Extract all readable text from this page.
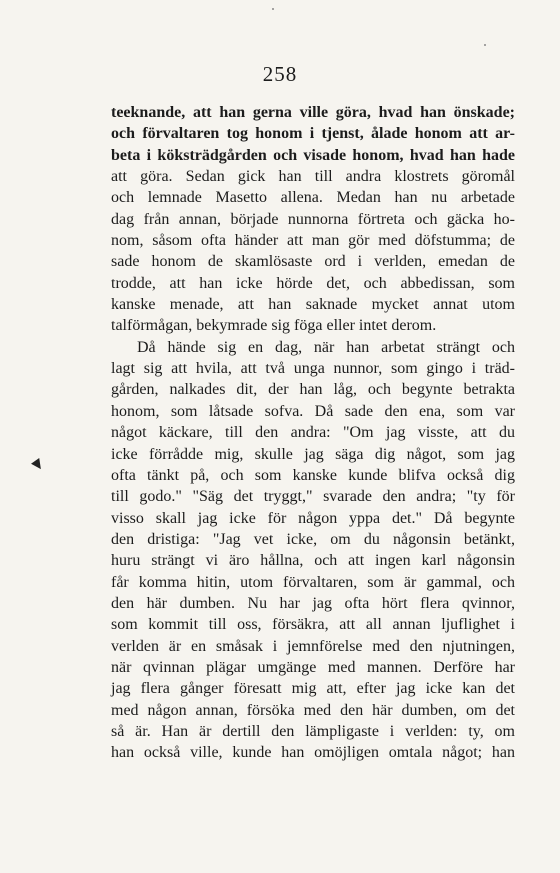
258
teeknande, att han gerna ville göra, hvad han önskade;
och förvaltaren tog honom i tjenst, ålade honom att ar-
beta i köksträdgården och visade honom, hvad han hade
att göra. Sedan gick han till andra klostrets göromål
och lemnade Masetto allena. Medan han nu arbetade
dag från annan, började nunnorna förtreta och gäcka ho-
nom, såsom ofta händer att man gör med döfstumma; de
sade honom de skamlösaste ord i verlden, emedan de
trodde, att han icke hörde det, och abbedissan, som
kanske menade, att han saknade mycket annat utom
talförmågan, bekymrade sig föga eller intet derom.
Då hände sig en dag, när han arbetat strängt och
lagt sig att hvila, att två unga nunnor, som gingo i träd-
gården, nalkades dit, der han låg, och begynte betrakta
honom, som låtsade sofva. Då sade den ena, som var
något käckare, till den andra: "Om jag visste, att du
icke förrådde mig, skulle jag säga dig något, som jag
ofta tänkt på, och som kanske kunde blifva också dig
till godo." "Säg det tryggt," svarade den andra; "ty för
visso skall jag icke för någon yppa det." Då begynte
den dristiga: "Jag vet icke, om du någonsin betänkt,
huru strängt vi äro hållna, och att ingen karl någonsin
får komma hitin, utom förvaltaren, som är gammal, och
den här dumben. Nu har jag ofta hört flera qvinnor,
som kommit till oss, försäkra, att all annan ljuflighet i
verlden är en småsak i jemnförelse med den njutningen,
när qvinnan plägar umgänge med mannen. Derföre har
jag flera gånger föresatt mig att, efter jag icke kan det
med någon annan, försöka med den här dumben, om det
så är. Han är dertill den lämpligaste i verlden: ty, om
han också ville, kunde han omöjligen omtala något; han
